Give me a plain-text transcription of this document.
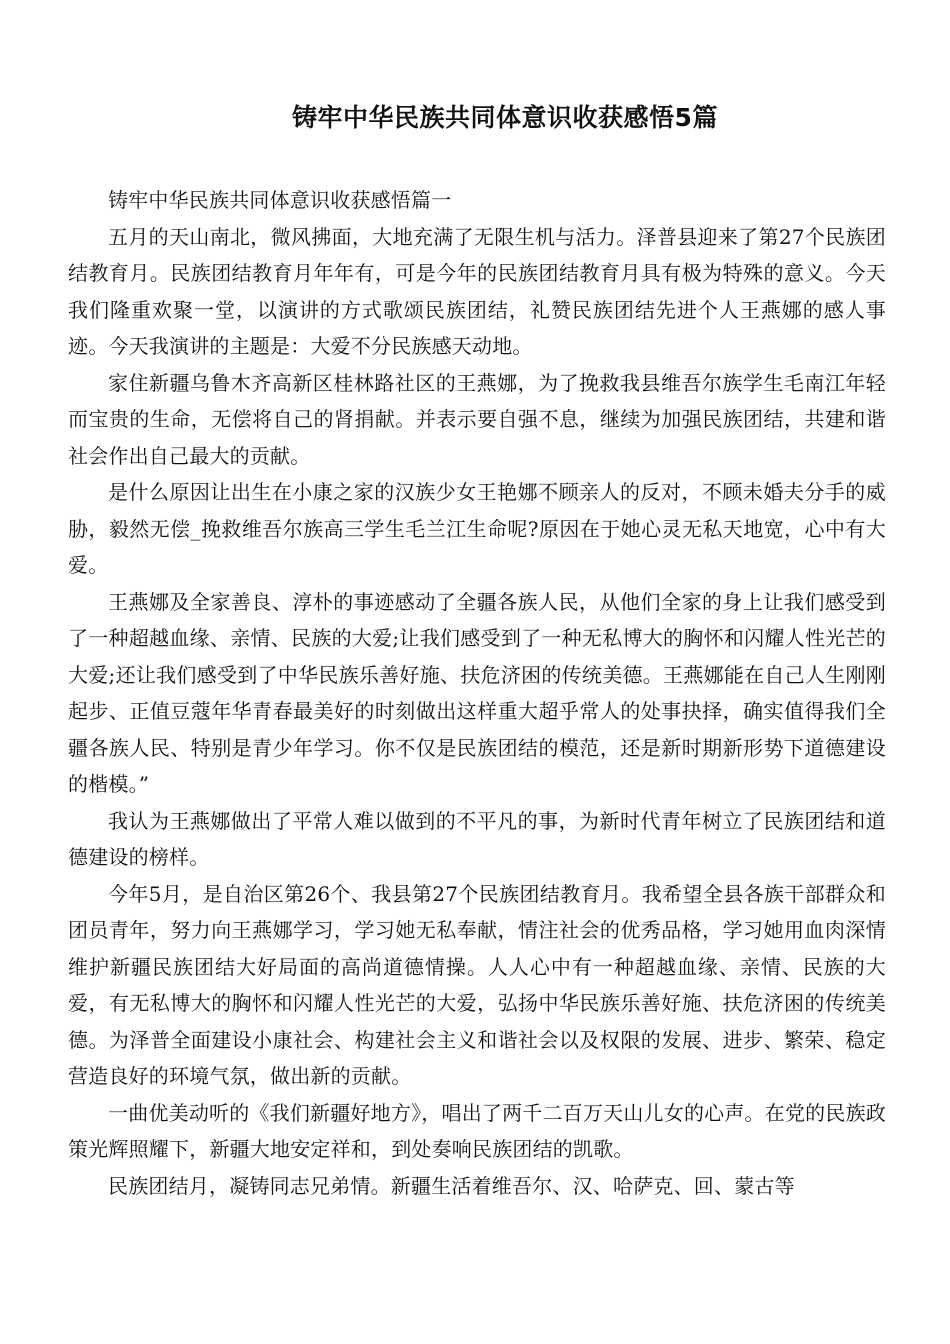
铸牢中华民族共同体意识收获感悟5篇

铸牢中华民族共同体意识收获感悟篇一

五月的天山南北，微风拂面，大地充满了无限生机与活力。泽普县迎来了第27个民族团结教育月。民族团结教育月年年有，可是今年的民族团结教育月具有极为特殊的意义。今天我们隆重欢聚一堂，以演讲的方式歌颂民族团结，礼赞民族团结先进个人王燕娜的感人事迹。今天我演讲的主题是：大爱不分民族感天动地。

家住新疆乌鲁木齐高新区桂林路社区的王燕娜，为了挽救我县维吾尔族学生毛南江年轻而宝贵的生命，无偿将自己的肾捐献。并表示要自强不息，继续为加强民族团结，共建和谐社会作出自己最大的贡献。

是什么原因让出生在小康之家的汉族少女王艳娜不顾亲人的反对，不顾未婚夫分手的威胁，毅然无偿_挽救维吾尔族高三学生毛兰江生命呢?原因在于她心灵无私天地宽，心中有大爱。

王燕娜及全家善良、淳朴的事迹感动了全疆各族人民，从他们全家的身上让我们感受到了一种超越血缘、亲情、民族的大爱;让我们感受到了一种无私博大的胸怀和闪耀人性光芒的大爱;还让我们感受到了中华民族乐善好施、扶危济困的传统美德。王燕娜能在自己人生刚刚起步、正值豆蔻年华青春最美好的时刻做出这样重大超乎常人的处事抉择，确实值得我们全疆各族人民、特别是青少年学习。你不仅是民族团结的模范，还是新时期新形势下道德建设的楷模。”

我认为王燕娜做出了平常人难以做到的不平凡的事，为新时代青年树立了民族团结和道德建设的榜样。

今年5月，是自治区第26个、我县第27个民族团结教育月。我希望全县各族干部群众和团员青年，努力向王燕娜学习，学习她无私奉献，情注社会的优秀品格，学习她用血肉深情维护新疆民族团结大好局面的高尚道德情操。人人心中有一种超越血缘、亲情、民族的大爱，有无私博大的胸怀和闪耀人性光芒的大爱，弘扬中华民族乐善好施、扶危济困的传统美德。为泽普全面建设小康社会、构建社会主义和谐社会以及权限的发展、进步、繁荣、稳定营造良好的环境气氛，做出新的贡献。

一曲优美动听的《我们新疆好地方》，唱出了两千二百万天山儿女的心声。在党的民族政策光辉照耀下，新疆大地安定祥和，到处奏响民族团结的凯歌。

民族团结月，凝铸同志兄弟情。新疆生活着维吾尔、汉、哈萨克、回、蒙古等
